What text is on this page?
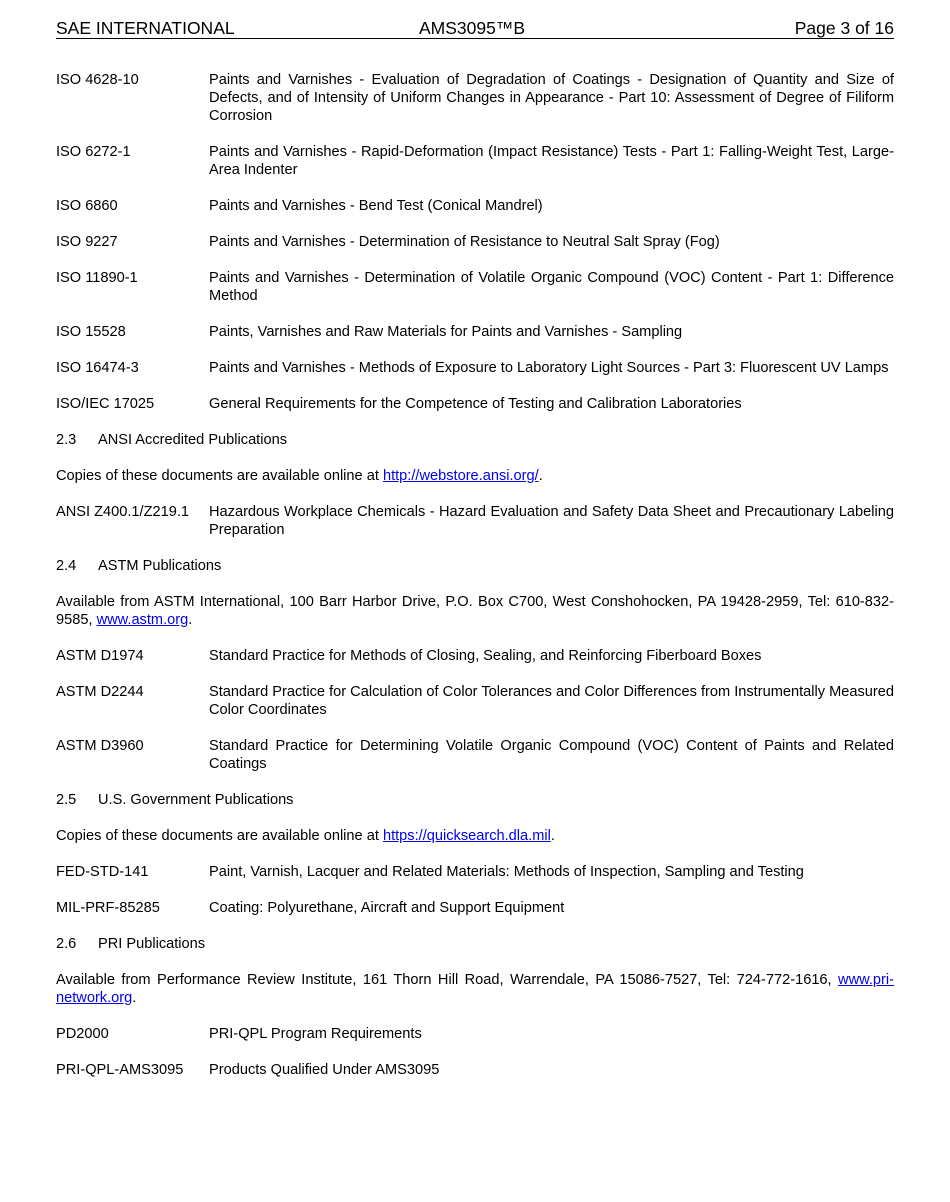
SAE INTERNATIONAL	AMS3095™B	Page 3 of 16
ISO 4628-10	Paints and Varnishes - Evaluation of Degradation of Coatings - Designation of Quantity and Size of Defects, and of Intensity of Uniform Changes in Appearance - Part 10: Assessment of Degree of Filiform Corrosion
ISO 6272-1	Paints and Varnishes - Rapid-Deformation (Impact Resistance) Tests - Part 1: Falling-Weight Test, Large-Area Indenter
ISO 6860	Paints and Varnishes - Bend Test (Conical Mandrel)
ISO 9227	Paints and Varnishes - Determination of Resistance to Neutral Salt Spray (Fog)
ISO 11890-1	Paints and Varnishes - Determination of Volatile Organic Compound (VOC) Content - Part 1: Difference Method
ISO 15528	Paints, Varnishes and Raw Materials for Paints and Varnishes - Sampling
ISO 16474-3	Paints and Varnishes - Methods of Exposure to Laboratory Light Sources - Part 3: Fluorescent UV Lamps
ISO/IEC 17025	General Requirements for the Competence of Testing and Calibration Laboratories
2.3 ANSI Accredited Publications
Copies of these documents are available online at http://webstore.ansi.org/.
ANSI Z400.1/Z219.1	Hazardous Workplace Chemicals - Hazard Evaluation and Safety Data Sheet and Precautionary Labeling Preparation
2.4 ASTM Publications
Available from ASTM International, 100 Barr Harbor Drive, P.O. Box C700, West Conshohocken, PA 19428-2959, Tel: 610-832-9585, www.astm.org.
ASTM D1974	Standard Practice for Methods of Closing, Sealing, and Reinforcing Fiberboard Boxes
ASTM D2244	Standard Practice for Calculation of Color Tolerances and Color Differences from Instrumentally Measured Color Coordinates
ASTM D3960	Standard Practice for Determining Volatile Organic Compound (VOC) Content of Paints and Related Coatings
2.5 U.S. Government Publications
Copies of these documents are available online at https://quicksearch.dla.mil.
FED-STD-141	Paint, Varnish, Lacquer and Related Materials: Methods of Inspection, Sampling and Testing
MIL-PRF-85285	Coating: Polyurethane, Aircraft and Support Equipment
2.6 PRI Publications
Available from Performance Review Institute, 161 Thorn Hill Road, Warrendale, PA 15086-7527, Tel: 724-772-1616, www.pri-network.org.
PD2000	PRI-QPL Program Requirements
PRI-QPL-AMS3095	Products Qualified Under AMS3095
